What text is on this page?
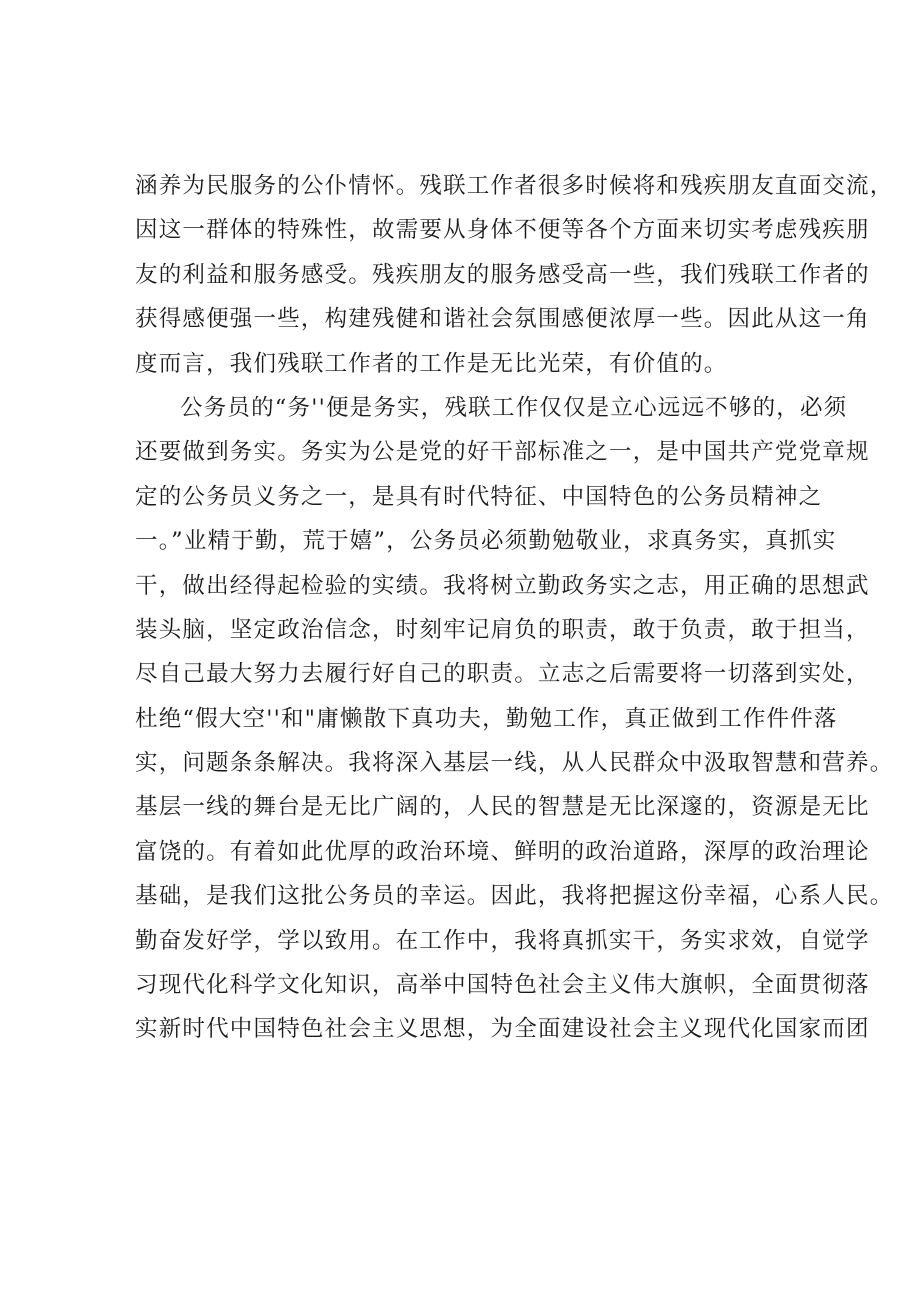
涵养为民服务的公仆情怀。残联工作者很多时候将和残疾朋友直面交流，
因这一群体的特殊性，故需要从身体不便等各个方面来切实考虑残疾朋
友的利益和服务感受。残疾朋友的服务感受高一些，我们残联工作者的
获得感便强一些，构建残健和谐社会氛围感便浓厚一些。因此从这一角
度而言，我们残联工作者的工作是无比光荣，有价值的。
公务员的“务''便是务实，残联工作仅仅是立心远远不够的，必须
还要做到务实。务实为公是党的好干部标准之一，是中国共产党党章规
定的公务员义务之一，是具有时代特征、中国特色的公务员精神之
一。”业精于勤，荒于嬉”，公务员必须勤勉敬业，求真务实，真抓实
干，做出经得起检验的实绩。我将树立勤政务实之志，用正确的思想武
装头脑，坚定政治信念，时刻牢记肩负的职责，敢于负责，敢于担当，
尽自己最大努力去履行好自己的职责。立志之后需要将一切落到实处，
杜绝“假大空''和"庸懒散下真功夫，勤勉工作，真正做到工作件件落
实，问题条条解决。我将深入基层一线，从人民群众中汲取智慧和营养。
基层一线的舞台是无比广阔的，人民的智慧是无比深邃的，资源是无比
富饶的。有着如此优厚的政治环境、鲜明的政治道路，深厚的政治理论
基础，是我们这批公务员的幸运。因此，我将把握这份幸福，心系人民。
勤奋发好学，学以致用。在工作中，我将真抓实干，务实求效，自觉学
习现代化科学文化知识，高举中国特色社会主义伟大旗帜，全面贯彻落
实新时代中国特色社会主义思想，为全面建设社会主义现代化国家而团
